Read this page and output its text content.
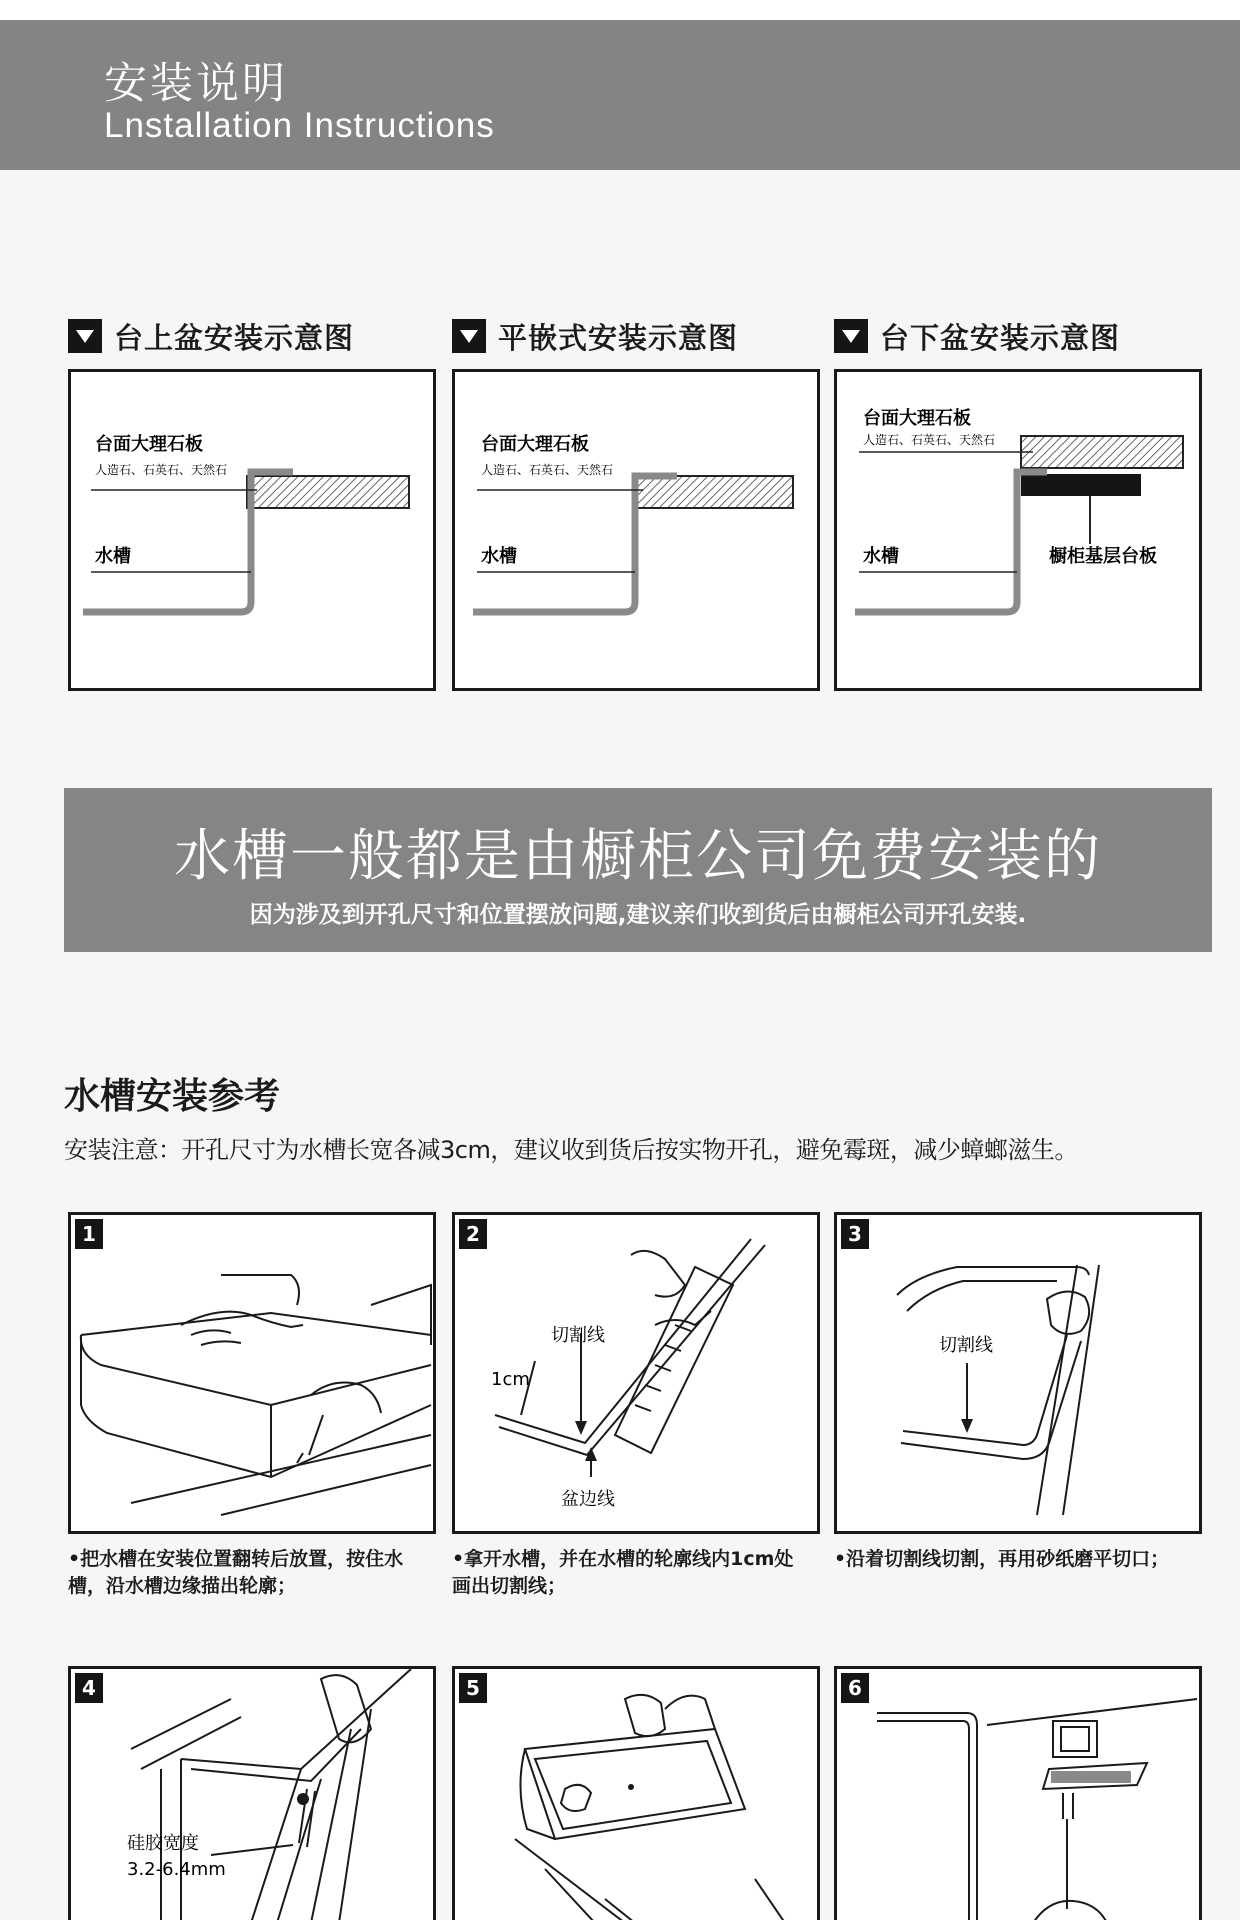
安装说明
Lnstallation Instructions
台上盆安装示意图
台面大理石板
人造石、石英石、天然石
水槽
平嵌式安装示意图
台面大理石板
人造石、石英石、天然石
水槽
台下盆安装示意图
台面大理石板
人造石、石英石、天然石
水槽	橱柜基层台板
水槽一般都是由橱柜公司免费安装的
因为涉及到开孔尺寸和位置摆放问题,建议亲们收到货后由橱柜公司开孔安装.
水槽安装参考
安装注意：开孔尺寸为水槽长宽各减3cm，建议收到货后按实物开孔，避免霉斑，减少蟑螂滋生。
1
•把水槽在安装位置翻转后放置，按住水
槽，沿水槽边缘描出轮廓；
2
切割线
1cm
盆边线
•拿开水槽，并在水槽的轮廓线内1cm处
画出切割线；
3
切割线
•沿着切割线切割，再用砂纸磨平切口；
4
硅胶宽度
3.2-6.4mm
5	6
